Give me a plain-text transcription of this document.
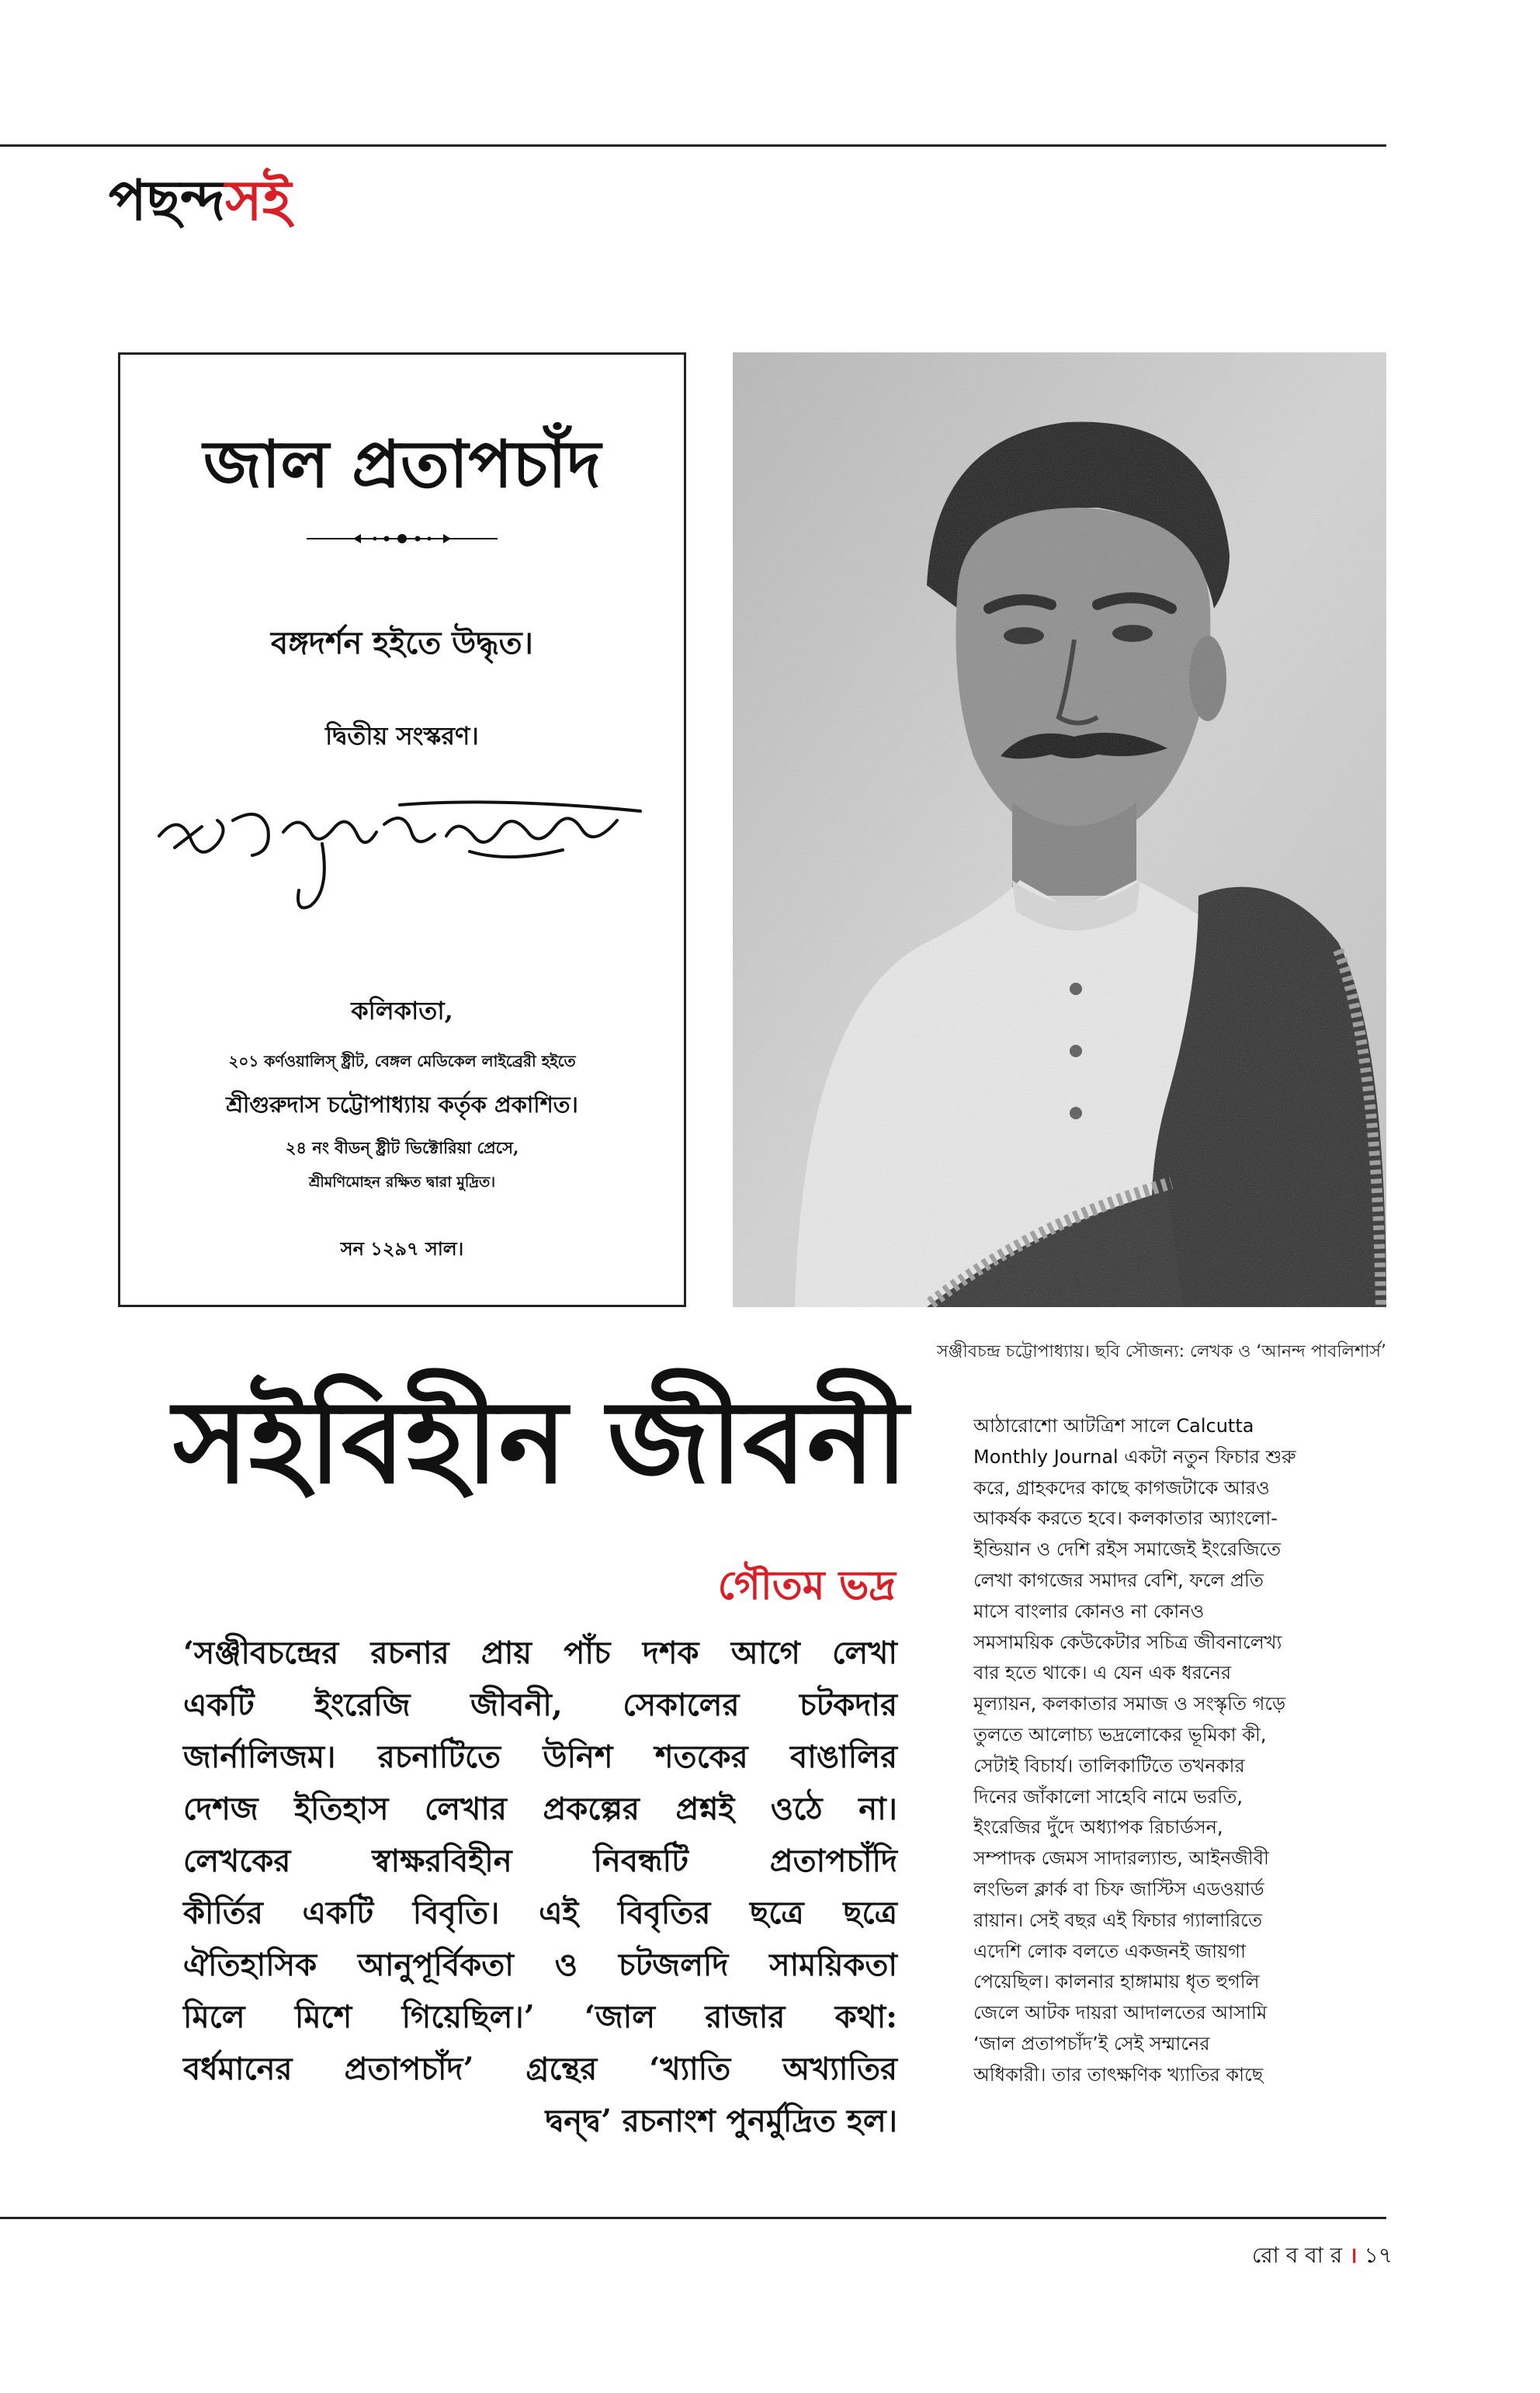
পছন্দসই
জাল প্রতাপচাঁদ
বঙ্গদর্শন হইতে উদ্ধৃত।
দ্বিতীয় সংস্করণ।
কলিকাতা,
২০১ কর্ণওয়ালিস্ ষ্ট্রীট, বেঙ্গল মেডিকেল লাইব্রেরী হইতে
শ্রীগুরুদাস চট্টোপাধ্যায় কর্তৃক প্রকাশিত।
২৪ নং বীডন্ ষ্ট্রীট ভিক্টোরিয়া প্রেসে,
শ্রীমণিমোহন রক্ষিত দ্বারা মুদ্রিত।
সন ১২৯৭ সাল।
সঞ্জীবচন্দ্র চট্টোপাধ্যায়। ছবি সৌজন্য: লেখক ও ‘আনন্দ পাবলিশার্স’
সইবিহীন জীবনী
গৌতম ভদ্র
‘সঞ্জীবচন্দ্রের রচনার প্রায় পাঁচ দশক আগে লেখা
একটি ইংরেজি জীবনী, সেকালের চটকদার
জার্নালিজম। রচনাটিতে উনিশ শতকের বাঙালির
দেশজ ইতিহাস লেখার প্রকল্পের প্রশ্নই ওঠে না।
লেখকের স্বাক্ষরবিহীন নিবন্ধটি প্রতাপচাঁদি
কীর্তির একটি বিবৃতি। এই বিবৃতির ছত্রে ছত্রে
ঐতিহাসিক আনুপূর্বিকতা ও চটজলদি সাময়িকতা
মিলে মিশে গিয়েছিল।’ ‘জাল রাজার কথা:
বর্ধমানের প্রতাপচাঁদ’ গ্রন্থের ‘খ্যাতি অখ্যাতির
দ্বন্দ্ব’ রচনাংশ পুনর্মুদ্রিত হল।
আঠারোশো আটত্রিশ সালে Calcutta
Monthly Journal একটা নতুন ফিচার শুরু
করে, গ্রাহকদের কাছে কাগজটাকে আরও
আকর্ষক করতে হবে। কলকাতার অ্যাংলো-
ইন্ডিয়ান ও দেশি রইস সমাজেই ইংরেজিতে
লেখা কাগজের সমাদর বেশি, ফলে প্রতি
মাসে বাংলার কোনও না কোনও
সমসাময়িক কেউকেটার সচিত্র জীবনালেখ্য
বার হতে থাকে। এ যেন এক ধরনের
মূল্যায়ন, কলকাতার সমাজ ও সংস্কৃতি গড়ে
তুলতে আলোচ্য ভদ্রলোকের ভূমিকা কী,
সেটাই বিচার্য। তালিকাটিতে তখনকার
দিনের জাঁকালো সাহেবি নামে ভরতি,
ইংরেজির দুঁদে অধ্যাপক রিচার্ডসন,
সম্পাদক জেমস সাদারল্যান্ড, আইনজীবী
লংভিল ক্লার্ক বা চিফ জাস্টিস এডওয়ার্ড
রায়ান। সেই বছর এই ফিচার গ্যালারিতে
এদেশি লোক বলতে একজনই জায়গা
পেয়েছিল। কালনার হাঙ্গামায় ধৃত হুগলি
জেলে আটক দায়রা আদালতের আসামি
‘জাল প্রতাপচাঁদ’ই সেই সম্মানের
অধিকারী। তার তাৎক্ষণিক খ্যাতির কাছে
রো ব বা র । ১৭
